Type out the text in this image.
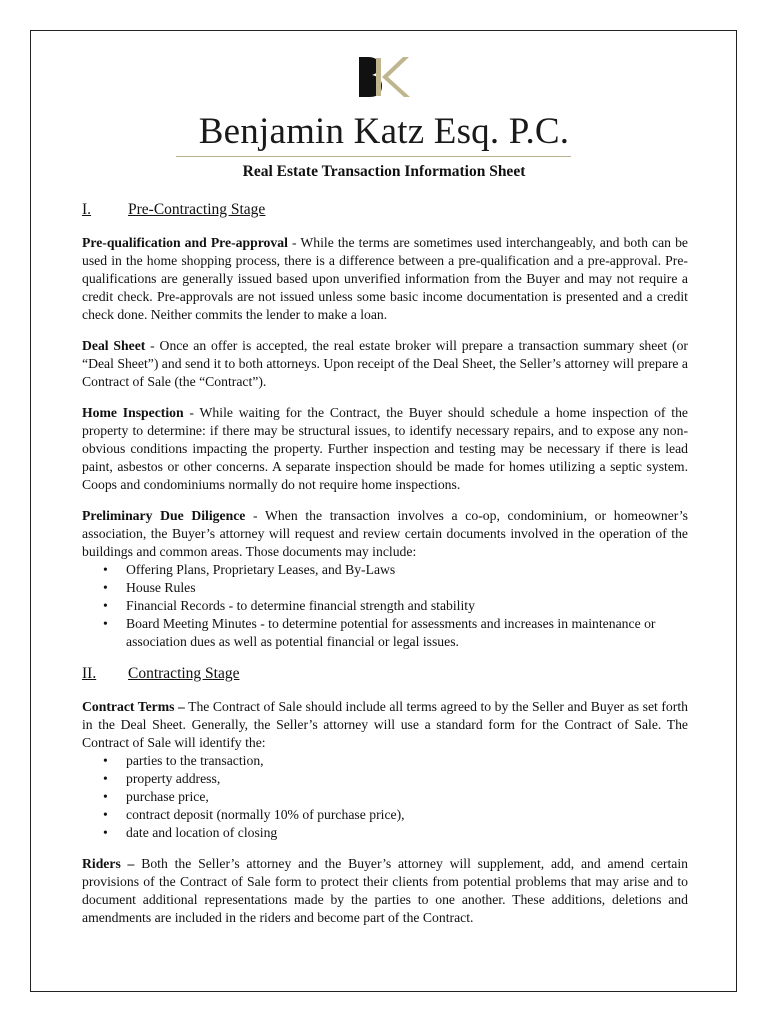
Benjamin Katz Esq. P.C.
Real Estate Transaction Information Sheet
I. Pre-Contracting Stage

Pre-qualification and Pre-approval - While the terms are sometimes used interchangeably, and both can be used in the home shopping process, there is a difference between a pre-qualification and a pre-approval. Pre-qualifications are generally issued based upon unverified information from the Buyer and may not require a credit check. Pre-approvals are not issued unless some basic income documentation is presented and a credit check done. Neither commits the lender to make a loan.

Deal Sheet - Once an offer is accepted, the real estate broker will prepare a transaction summary sheet (or “Deal Sheet”) and send it to both attorneys. Upon receipt of the Deal Sheet, the Seller’s attorney will prepare a Contract of Sale (the “Contract”).

Home Inspection - While waiting for the Contract, the Buyer should schedule a home inspection of the property to determine: if there may be structural issues, to identify necessary repairs, and to expose any non-obvious conditions impacting the property. Further inspection and testing may be necessary if there is lead paint, asbestos or other concerns. A separate inspection should be made for homes utilizing a septic system. Coops and condominiums normally do not require home inspections.

Preliminary Due Diligence - When the transaction involves a co-op, condominium, or homeowner’s association, the Buyer’s attorney will request and review certain documents involved in the operation of the buildings and common areas. Those documents may include:

• Offering Plans, Proprietary Leases, and By-Laws
• House Rules
• Financial Records - to determine financial strength and stability
• Board Meeting Minutes - to determine potential for assessments and increases in maintenance or association dues as well as potential financial or legal issues.
II. Contracting Stage

Contract Terms – The Contract of Sale should include all terms agreed to by the Seller and Buyer as set forth in the Deal Sheet. Generally, the Seller’s attorney will use a standard form for the Contract of Sale. The Contract of Sale will identify the:

• parties to the transaction,
• property address,
• purchase price,
• contract deposit (normally 10% of purchase price),
• date and location of closing

Riders – Both the Seller’s attorney and the Buyer’s attorney will supplement, add, and amend certain provisions of the Contract of Sale form to protect their clients from potential problems that may arise and to document additional representations made by the parties to one another. These additions, deletions and amendments are included in the riders and become part of the Contract.
